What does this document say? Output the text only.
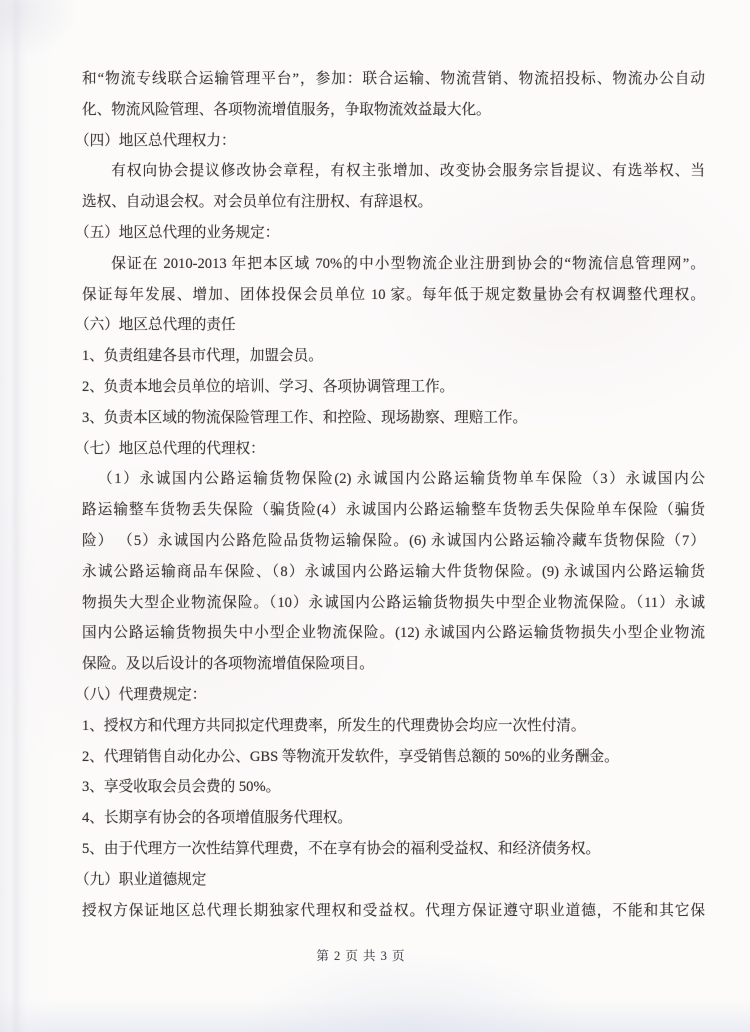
和“物流专线联合运输管理平台”，参加：联合运输、物流营销、物流招投标、物流办公自动
化、物流风险管理、各项物流增值服务，争取物流效益最大化。
（四）地区总代理权力：
有权向协会提议修改协会章程，有权主张增加、改变协会服务宗旨提议、有选举权、当
选权、自动退会权。对会员单位有注册权、有辞退权。
（五）地区总代理的业务规定：
保证在 2010-2013 年把本区域 70%的中小型物流企业注册到协会的“物流信息管理网”。
保证每年发展、增加、团体投保会员单位 10 家。每年低于规定数量协会有权调整代理权。
（六）地区总代理的责任
1、负责组建各县市代理，加盟会员。
2、负责本地会员单位的培训、学习、各项协调管理工作。
3、负责本区域的物流保险管理工作、和控险、现场勘察、理赔工作。
（七）地区总代理的代理权：
（1）永诚国内公路运输货物保险(2) 永诚国内公路运输货物单车保险（3）永诚国内公
路运输整车货物丢失保险（骗货险(4）永诚国内公路运输整车货物丢失保险单车保险（骗货
险） （5）永诚国内公路危险品货物运输保险。(6) 永诚国内公路运输冷藏车货物保险（7）
永诚公路运输商品车保险、（8）永诚国内公路运输大件货物保险。(9) 永诚国内公路运输货
物损失大型企业物流保险。（10）永诚国内公路运输货物损失中型企业物流保险。（11）永诚
国内公路运输货物损失中小型企业物流保险。(12) 永诚国内公路运输货物损失小型企业物流
保险。及以后设计的各项物流增值保险项目。
（八）代理费规定：
1、授权方和代理方共同拟定代理费率，所发生的代理费协会均应一次性付清。
2、代理销售自动化办公、GBS 等物流开发软件，享受销售总额的 50%的业务酬金。
3、享受收取会员会费的 50%。
4、长期享有协会的各项增值服务代理权。
5、由于代理方一次性结算代理费，不在享有协会的福利受益权、和经济债务权。
（九）职业道德规定
授权方保证地区总代理长期独家代理权和受益权。代理方保证遵守职业道德，不能和其它保
第 2 页 共 3 页
